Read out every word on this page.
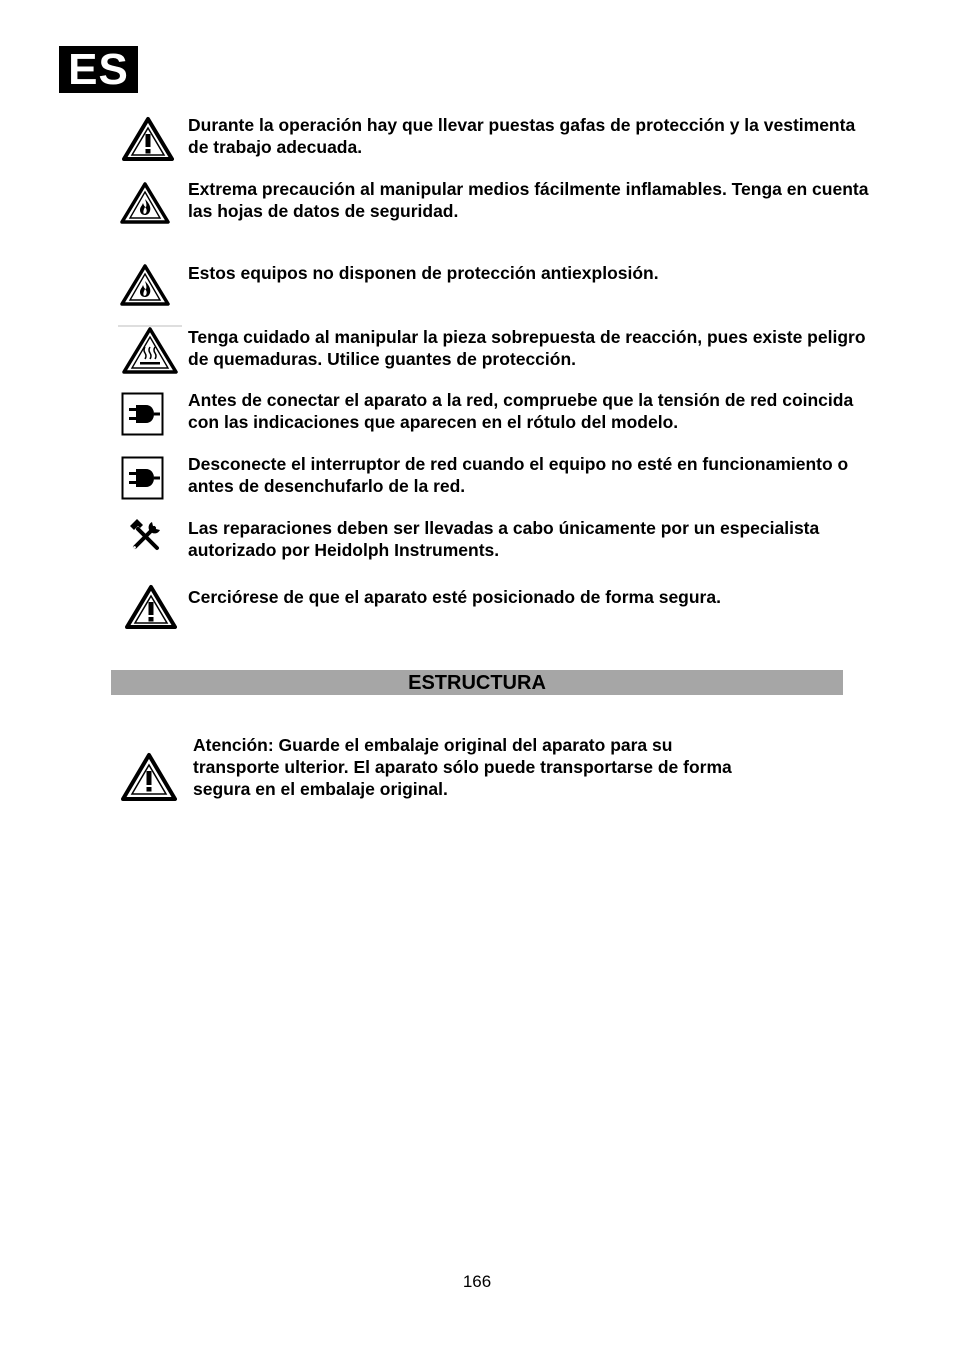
ES

Durante la operación hay que llevar puestas gafas de protección y la vestimenta de trabajo adecuada.

Extrema precaución al manipular medios fácilmente inflamables. Tenga en cuenta las hojas de datos de seguridad.

Estos equipos no disponen de protección antiexplosión.

Tenga cuidado al manipular la pieza sobrepuesta de reacción, pues existe peligro de quemaduras. Utilice guantes de protección.

Antes de conectar el aparato a la red, compruebe que la tensión de red coincida con las indicaciones que aparecen en el rótulo del modelo.

Desconecte el interruptor de red cuando el equipo no esté en funcionamiento o antes de desenchufarlo de la red.

Las reparaciones deben ser llevadas a cabo únicamente por un especialista autorizado por Heidolph Instruments.

Cerciórese de que el aparato esté posicionado de forma segura.

ESTRUCTURA

Atención: Guarde el embalaje original del aparato para su transporte ulterior. El aparato sólo puede transportarse de forma segura en el embalaje original.

166
